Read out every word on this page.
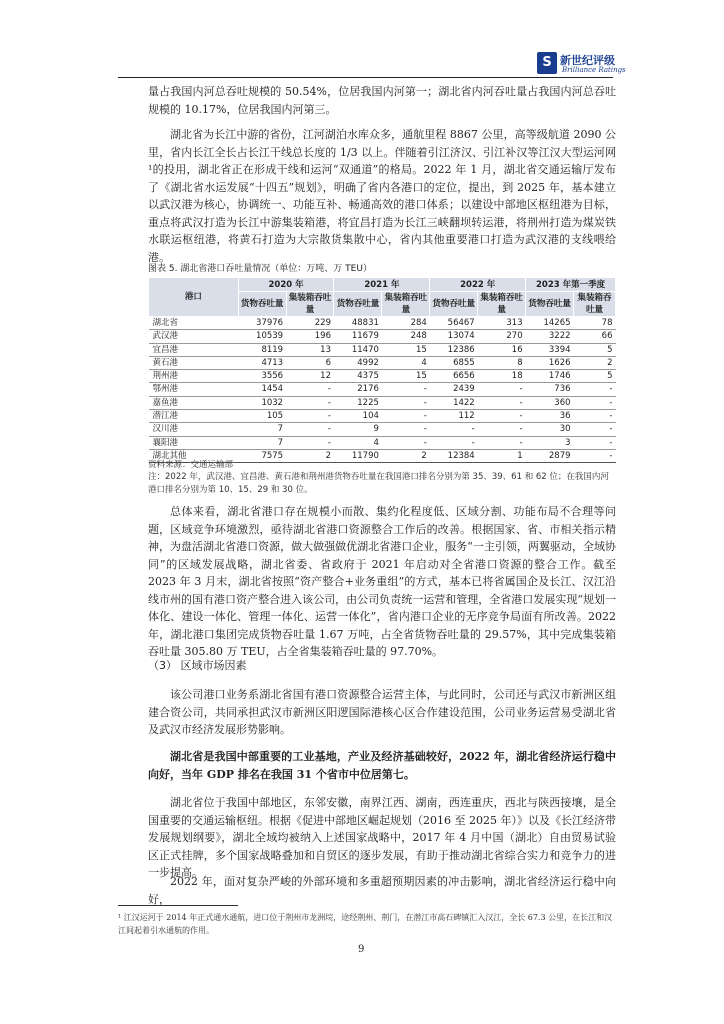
S 新世纪评级
Brilliance Ratings

量占我国内河总吞吐规模的 50.54%，位居我国内河第一；湖北省内河吞吐量占我国内河总吞吐规模的 10.17%，位居我国内河第三。

湖北省为长江中游的省份，江河湖泊水库众多，通航里程 8867 公里，高等级航道 2090 公里，省内长江全长占长江干线总长度的 1/3 以上。伴随着引江济汉、引江补汉等江汉大型运河网¹的投用，湖北省正在形成干线和运河“双通道”的格局。2022 年 1 月，湖北省交通运输厅发布了《湖北省水运发展“十四五”规划》，明确了省内各港口的定位，提出，到 2025 年，基本建立以武汉港为核心，协调统一、功能互补、畅通高效的港口体系；以建设中部地区枢纽港为目标，重点将武汉打造为长江中游集装箱港，将宜昌打造为长江三峡翻坝转运港，将荆州打造为煤炭铁水联运枢纽港，将黄石打造为大宗散货集散中心，省内其他重要港口打造为武汉港的支线喂给港。

图表 5. 湖北省港口吞吐量情况（单位：万吨、万 TEU）
港口	2020 年		2021 年		2022 年		2023 年第一季度	
	货物吞吐量	集装箱吞吐量	货物吞吐量	集装箱吞吐量	货物吞吐量	集装箱吞吐量	货物吞吐量	集装箱吞吐量
湖北省	37976	229	48831	284	56467	313	14265	78
武汉港	10539	196	11679	248	13074	270	3222	66
宜昌港	8119	13	11470	15	12386	16	3394	5
黄石港	4713	6	4992	4	6855	8	1626	2
荆州港	3556	12	4375	15	6656	18	1746	5
鄂州港	1454	-	2176	-	2439	-	736	-
嘉鱼港	1032	-	1225	-	1422	-	360	-
潜江港	105	-	104	-	112	-	36	-
汉川港	7	-	9	-	-	-	30	-
襄阳港	7	-	4	-	-	-	3	-
湖北其他	7575	2	11790	2	12384	1	2879	-
资料来源：交通运输部
注：2022 年，武汉港、宜昌港、黄石港和荆州港货物吞吐量在我国港口排名分别为第 35、39、61 和 62 位；在我国内河港口排名分别为第 10、15、29 和 30 位。

总体来看，湖北省港口存在规模小而散、集约化程度低、区域分割、功能布局不合理等问题，区域竞争环境激烈，亟待湖北省港口资源整合工作后的改善。根据国家、省、市相关指示精神，为盘活湖北省港口资源，做大做强做优湖北省港口企业，服务“一主引领，两翼驱动，全域协同”的区域发展战略，湖北省委、省政府于 2021 年启动对全省港口资源的整合工作。截至 2023 年 3 月末，湖北省按照“资产整合+业务重组”的方式，基本已将省属国企及长江、汉江沿线市州的国有港口资产整合进入该公司，由公司负责统一运营和管理，全省港口发展实现“规划一体化、建设一体化、管理一体化、运营一体化”，省内港口企业的无序竞争局面有所改善。2022 年，湖北港口集团完成货物吞吐量 1.67 万吨，占全省货物吞吐量的 29.57%，其中完成集装箱吞吐量 305.80 万 TEU，占全省集装箱吞吐量的 97.70%。

（3） 区域市场因素

该公司港口业务系湖北省国有港口资源整合运营主体，与此同时，公司还与武汉市新洲区组建合资公司，共同承担武汉市新洲区阳逻国际港核心区合作建设范围，公司业务运营易受湖北省及武汉市经济发展形势影响。

湖北省是我国中部重要的工业基地，产业及经济基础较好，2022 年，湖北省经济运行稳中向好，当年 GDP 排名在我国 31 个省市中位居第七。

湖北省位于我国中部地区，东邻安徽，南界江西、湖南，西连重庆，西北与陕西接壤，是全国重要的交通运输枢纽。根据《促进中部地区崛起规划（2016 至 2025 年）》以及《长江经济带发展规划纲要》，湖北全域均被纳入上述国家战略中，2017 年 4 月中国（湖北）自由贸易试验区正式挂牌，多个国家战略叠加和自贸区的逐步发展，有助于推动湖北省综合实力和竞争力的进一步提高。

2022 年，面对复杂严峻的外部环境和多重超预期因素的冲击影响，湖北省经济运行稳中向好，

¹ 江汉运河于 2014 年正式通水通航，进口位于荆州市龙洲垸，途经荆州、荆门，在潜江市高石碑镇汇入汉江，全长 67.3 公里，在长江和汉江间起着引水通航的作用。
9
